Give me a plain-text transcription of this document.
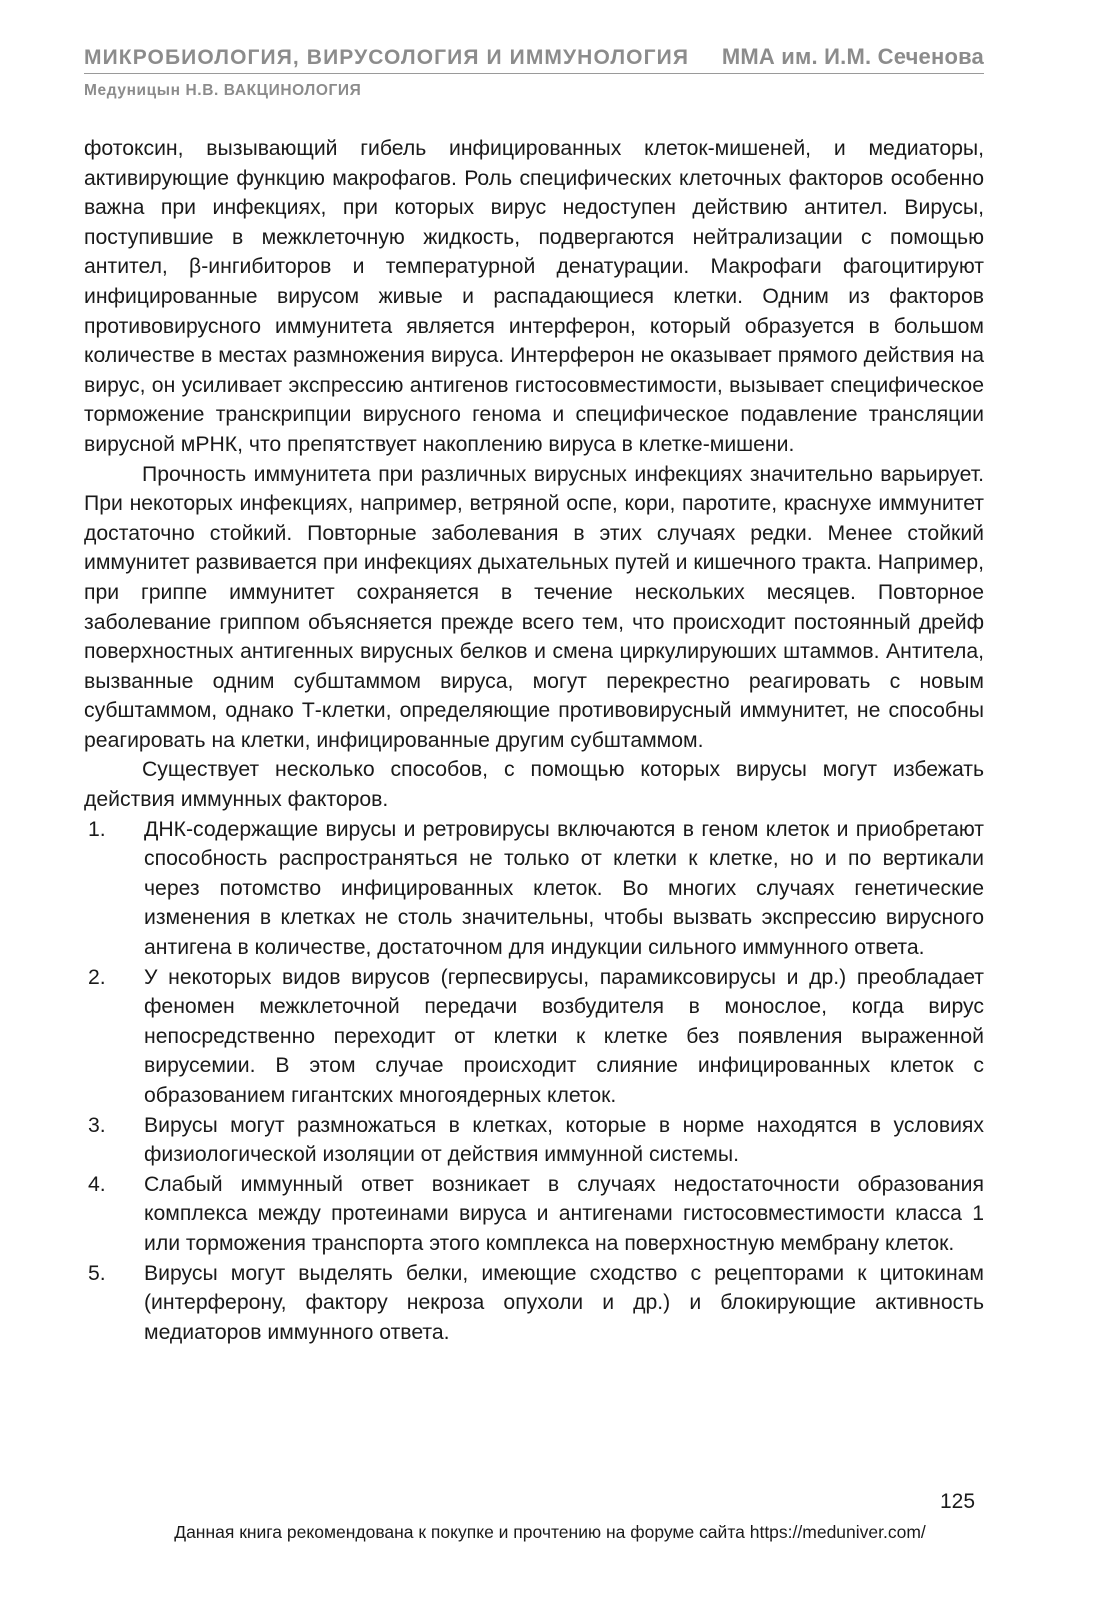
МИКРОБИОЛОГИЯ, ВИРУСОЛОГИЯ И ИММУНОЛОГИЯ ММА им. И.М. Сеченова
Медуницын Н.В. ВАКЦИНОЛОГИЯ

фотоксин, вызывающий гибель инфицированных клеток-мишеней, и медиаторы, активирующие функцию макрофагов. Роль специфических клеточных факторов особенно важна при инфекциях, при которых вирус недоступен действию антител. Вирусы, поступившие в межклеточную жидкость, подвергаются нейтрализации с помощью антител, β-ингибиторов и температурной денатурации. Макрофаги фагоцитируют инфицированные вирусом живые и распадающиеся клетки. Одним из факторов противовирусного иммунитета является интерферон, который образуется в большом количестве в местах размножения вируса. Интерферон не оказывает прямого действия на вирус, он усиливает экспрессию антигенов гистосовместимости, вызывает специфическое торможение транскрипции вирусного генома и специфическое подавление трансляции вирусной мРНК, что препятствует накоплению вируса в клетке-мишени.

Прочность иммунитета при различных вирусных инфекциях значительно варьирует. При некоторых инфекциях, например, ветряной оспе, кори, паротите, краснухе иммунитет достаточно стойкий. Повторные заболевания в этих случаях редки. Менее стойкий иммунитет развивается при инфекциях дыхательных путей и кишечного тракта. Например, при гриппе иммунитет сохраняется в течение нескольких месяцев. Повторное заболевание гриппом объясняется прежде всего тем, что происходит постоянный дрейф поверхностных антигенных вирусных белков и смена циркулируюших штаммов. Антитела, вызванные одним субштаммом вируса, могут перекрестно реагировать с новым субштаммом, однако Т-клетки, определяющие противовирусный иммунитет, не способны реагировать на клетки, инфицированные другим субштаммом.

Существует несколько способов, с помощью которых вирусы могут избежать действия иммунных факторов.

1. ДНК-содержащие вирусы и ретровирусы включаются в геном клеток и приобретают способность распространяться не только от клетки к клетке, но и по вертикали через потомство инфицированных клеток. Во многих случаях генетические изменения в клетках не столь значительны, чтобы вызвать экспрессию вирусного антигена в количестве, достаточном для индукции сильного иммунного ответа.
2. У некоторых видов вирусов (герпесвирусы, парамиксовирусы и др.) преобладает феномен межклеточной передачи возбудителя в монослое, когда вирус непосредственно переходит от клетки к клетке без появления выраженной вирусемии. В этом случае происходит слияние инфицированных клеток с образованием гигантских многоядерных клеток.
3. Вирусы могут размножаться в клетках, которые в норме находятся в условиях физиологической изоляции от действия иммунной системы.
4. Слабый иммунный ответ возникает в случаях недостаточности образования комплекса между протеинами вируса и антигенами гистосовместимости класса 1 или торможения транспорта этого комплекса на поверхностную мембрану клеток.
5. Вирусы могут выделять белки, имеющие сходство с рецепторами к цитокинам (интерферону, фактору некроза опухоли и др.) и блокирующие активность медиаторов иммунного ответа.
125
Данная книга рекомендована к покупке и прочтению на форуме сайта https://meduniver.com/
